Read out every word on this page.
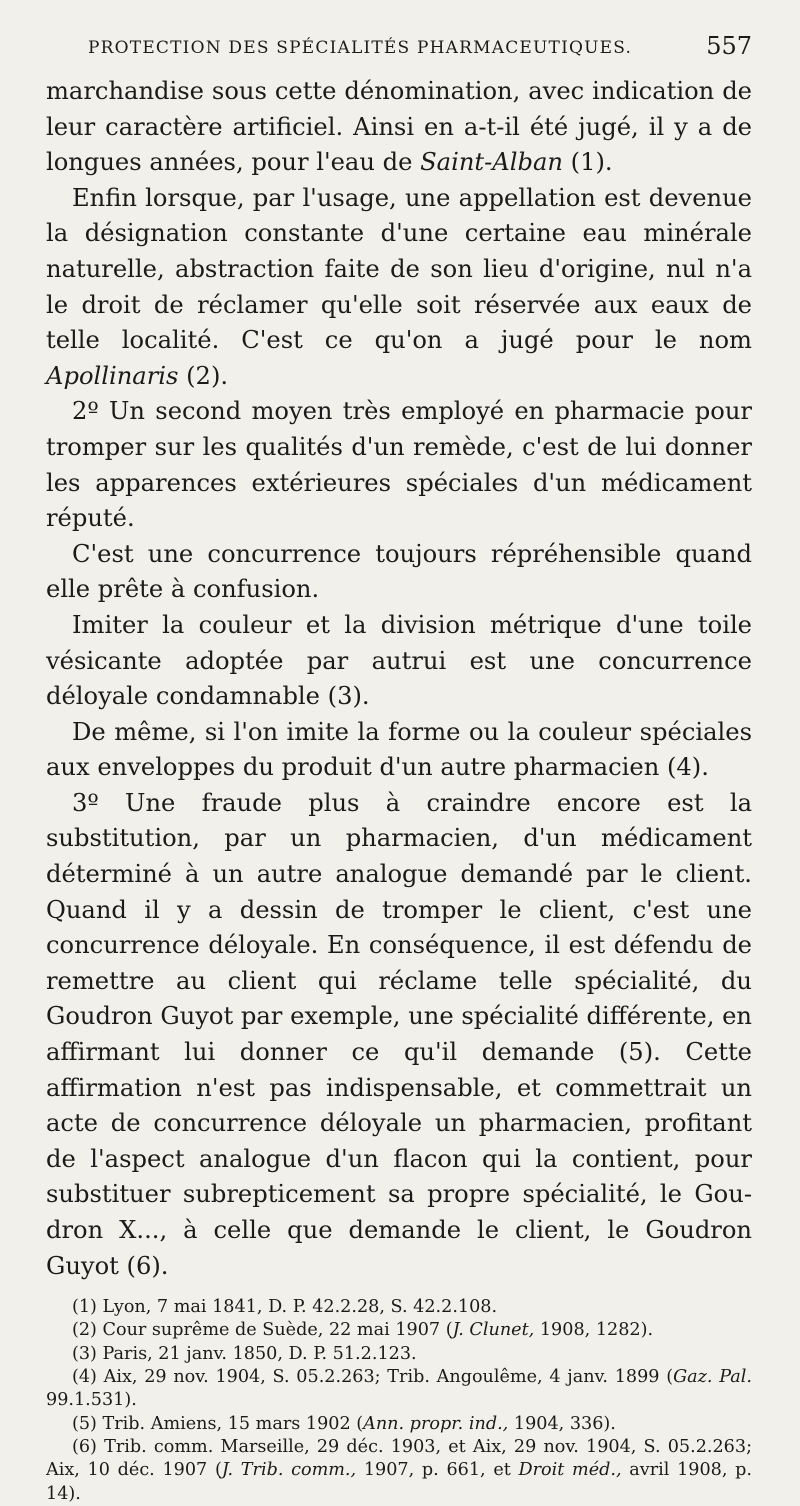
PROTECTION DES SPÉCIALITÉS PHARMACEUTIQUES.	557

marchandise sous cette dénomination, avec indication de leur caractère artificiel. Ainsi en a-t-il été jugé, il y a de longues années, pour l'eau de Saint-Alban (1).

Enfin lorsque, par l'usage, une appellation est devenue la désignation constante d'une certaine eau minérale naturelle, abstraction faite de son lieu d'origine, nul n'a le droit de réclamer qu'elle soit réservée aux eaux de telle localité. C'est ce qu'on a jugé pour le nom Apollinaris (2).

2º Un second moyen très employé en pharmacie pour tromper sur les qualités d'un remède, c'est de lui donner les apparences extérieures spéciales d'un médicament réputé.

C'est une concurrence toujours répréhensible quand elle prête à confusion.

Imiter la couleur et la division métrique d'une toile vésicante adoptée par autrui est une concurrence déloyale condamnable (3).

De même, si l'on imite la forme ou la couleur spéciales aux enveloppes du produit d'un autre pharmacien (4).

3º Une fraude plus à craindre encore est la substitution, par un pharmacien, d'un médicament déterminé à un autre analogue demandé par le client. Quand il y a dessin de tromper le client, c'est une concurrence déloyale. En conséquence, il est défendu de remettre au client qui réclame telle spécialité, du Goudron Guyot par exemple, une spécialité différente, en affirmant lui donner ce qu'il demande (5). Cette affirmation n'est pas indispensable, et commettrait un acte de concurrence déloyale un pharmacien, profitant de l'aspect analogue d'un flacon qui la contient, pour substituer subrepticement sa propre spécialité, le Goudron X..., à celle que demande le client, le Goudron Guyot (6).

(1) Lyon, 7 mai 1841, D. P. 42.2.28, S. 42.2.108.

(2) Cour suprême de Suède, 22 mai 1907 (J. Clunet, 1908, 1282).

(3) Paris, 21 janv. 1850, D. P. 51.2.123.

(4) Aix, 29 nov. 1904, S. 05.2.263; Trib. Angoulême, 4 janv. 1899 (Gaz. Pal. 99.1.531).

(5) Trib. Amiens, 15 mars 1902 (Ann. propr. ind., 1904, 336).

(6) Trib. comm. Marseille, 29 déc. 1903, et Aix, 29 nov. 1904, S. 05.2.263; Aix, 10 déc. 1907 (J. Trib. comm., 1907, p. 661, et Droit méd., avril 1908, p. 14).
